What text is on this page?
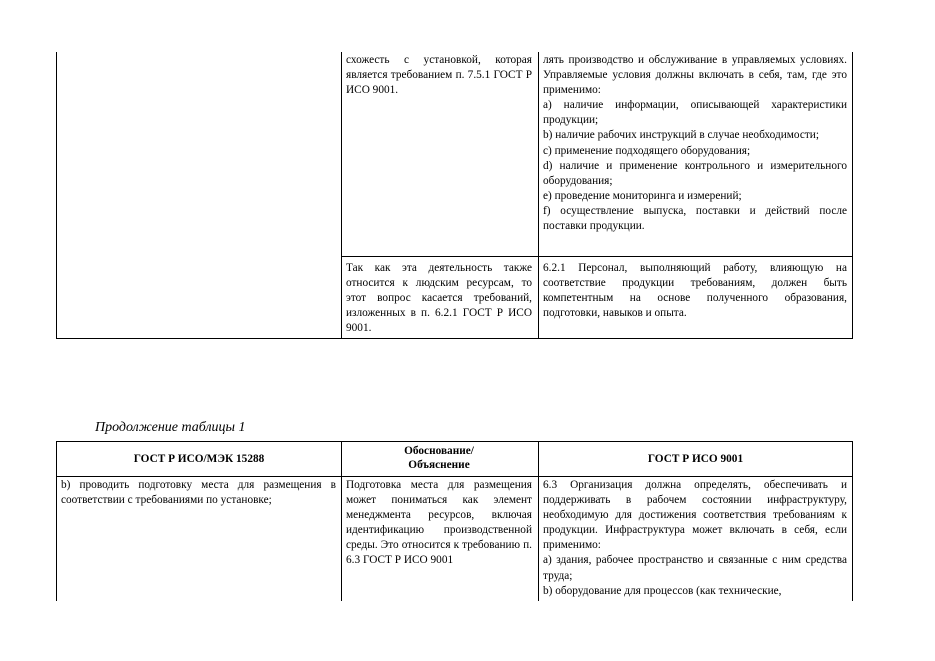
схожесть с установкой, которая является требованием п. 7.5.1 ГОСТ Р ИСО 9001.

лять производство и обслуживание в управляемых условиях. Управляемые условия должны включать в себя, там, где это применимо:

a) наличие информации, описывающей характеристики продукции;

b) наличие рабочих инструкций в случае необходимости;

c) применение подходящего оборудования;

d) наличие и применение контрольного и измерительного оборудования;

e) проведение мониторинга и измерений;

f) осуществление выпуска, поставки и действий после поставки продукции.

Так как эта деятельность также относится к людским ресурсам, то этот вопрос касается требований, изложенных в п. 6.2.1 ГОСТ Р ИСО 9001.
6.2.1 Персонал, выполняющий работу, влияющую на соответствие продукции требованиям, должен быть компетентным на основе полученного образования, подготовки, навыков и опыта.
Продолжение таблицы 1
ГОСТ Р ИСО/МЭК 15288
Обоснование/ Объяснение	ГОСТ Р ИСО 9001
b) проводить подготовку места для размещения в соответствии с требованиями по установке;
Подготовка места для размещения может пониматься как элемент менеджмента ресурсов, включая идентификацию производственной среды. Это относится к требованию п. 6.3 ГОСТ Р ИСО 9001

6.3 Организация должна определять, обеспечивать и поддерживать в рабочем состоянии инфраструктуру, необходимую для достижения соответствия требованиям к продукции. Инфраструктура может включать в себя, если применимо:

a) здания, рабочее пространство и связанные с ним средства труда;

b) оборудование для процессов (как технические,
